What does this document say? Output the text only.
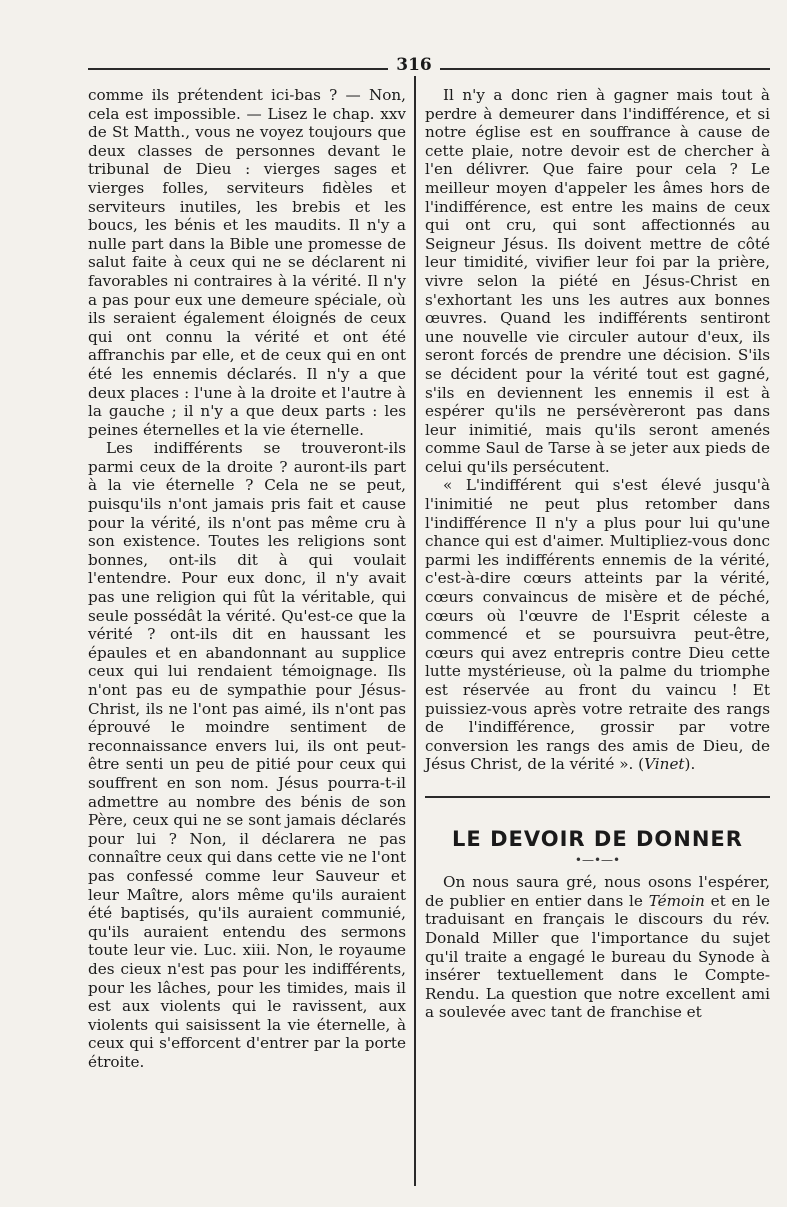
316

comme ils prétendent ici-bas ? — Non, cela est impossible. — Lisez le chap. xxv de St Matth., vous ne voyez toujours que deux classes de personnes devant le tribunal de Dieu : vierges sages et vierges folles, serviteurs fidèles et serviteurs inutiles, les brebis et les boucs, les bénis et les maudits. Il n'y a nulle part dans la Bible une promesse de salut faite à ceux qui ne se déclarent ni favorables ni contraires à la vérité. Il n'y a pas pour eux une demeure spéciale, où ils seraient également éloignés de ceux qui ont connu la vérité et ont été affranchis par elle, et de ceux qui en ont été les ennemis déclarés. Il n'y a que deux places : l'une à la droite et l'autre à la gauche ; il n'y a que deux parts : les peines éternelles et la vie éternelle.

Les indifférents se trouveront-ils parmi ceux de la droite ? auront-ils part à la vie éternelle ? Cela ne se peut, puisqu'ils n'ont jamais pris fait et cause pour la vérité, ils n'ont pas même cru à son existence. Toutes les religions sont bonnes, ont-ils dit à qui voulait l'entendre. Pour eux donc, il n'y avait pas une religion qui fût la véritable, qui seule possédât la vérité. Qu'est-ce que la vérité ? ont-ils dit en haussant les épaules et en abandonnant au supplice ceux qui lui rendaient témoignage. Ils n'ont pas eu de sympathie pour Jésus-Christ, ils ne l'ont pas aimé, ils n'ont pas éprouvé le moindre sentiment de reconnaissance envers lui, ils ont peut-être senti un peu de pitié pour ceux qui souffrent en son nom. Jésus pourra-t-il admettre au nombre des bénis de son Père, ceux qui ne se sont jamais déclarés pour lui ? Non, il déclarera ne pas connaître ceux qui dans cette vie ne l'ont pas confessé comme leur Sauveur et leur Maître, alors même qu'ils auraient été baptisés, qu'ils auraient communié, qu'ils auraient entendu des sermons toute leur vie. Luc. xiii. Non, le royaume des cieux n'est pas pour les indifférents, pour les lâches, pour les timides, mais il est aux violents qui le ravissent, aux violents qui saisissent la vie éternelle, à ceux qui s'efforcent d'entrer par la porte étroite.

Il n'y a donc rien à gagner mais tout à perdre à demeurer dans l'indifférence, et si notre église est en souffrance à cause de cette plaie, notre devoir est de chercher à l'en délivrer. Que faire pour cela ? Le meilleur moyen d'appeler les âmes hors de l'indifférence, est entre les mains de ceux qui ont cru, qui sont affectionnés au Seigneur Jésus. Ils doivent mettre de côté leur timidité, vivifier leur foi par la prière, vivre selon la piété en Jésus-Christ en s'exhortant les uns les autres aux bonnes œuvres. Quand les indifférents sentiront une nouvelle vie circuler autour d'eux, ils seront forcés de prendre une décision. S'ils se décident pour la vérité tout est gagné, s'ils en deviennent les ennemis il est à espérer qu'ils ne persévèreront pas dans leur inimitié, mais qu'ils seront amenés comme Saul de Tarse à se jeter aux pieds de celui qu'ils persécutent.

« L'indifférent qui s'est élevé jusqu'à l'inimitié ne peut plus retomber dans l'indifférence Il n'y a plus pour lui qu'une chance qui est d'aimer. Multipliez-vous donc parmi les indifférents ennemis de la vérité, c'est-à-dire cœurs atteints par la vérité, cœurs convaincus de misère et de péché, cœurs où l'œuvre de l'Esprit céleste a commencé et se poursuivra peut-être, cœurs qui avez entrepris contre Dieu cette lutte mystérieuse, où la palme du triomphe est réservée au front du vaincu ! Et puissiez-vous après votre retraite des rangs de l'indifférence, grossir par votre conversion les rangs des amis de Dieu, de Jésus Christ, de la vérité ». (Vinet).

LE DEVOIR DE DONNER
•—•—•

On nous saura gré, nous osons l'espérer, de publier en entier dans le Témoin et en le traduisant en français le discours du rév. Donald Miller que l'importance du sujet qu'il traite a engagé le bureau du Synode à insérer textuellement dans le Compte-Rendu. La question que notre excellent ami a soulevée avec tant de franchise et
